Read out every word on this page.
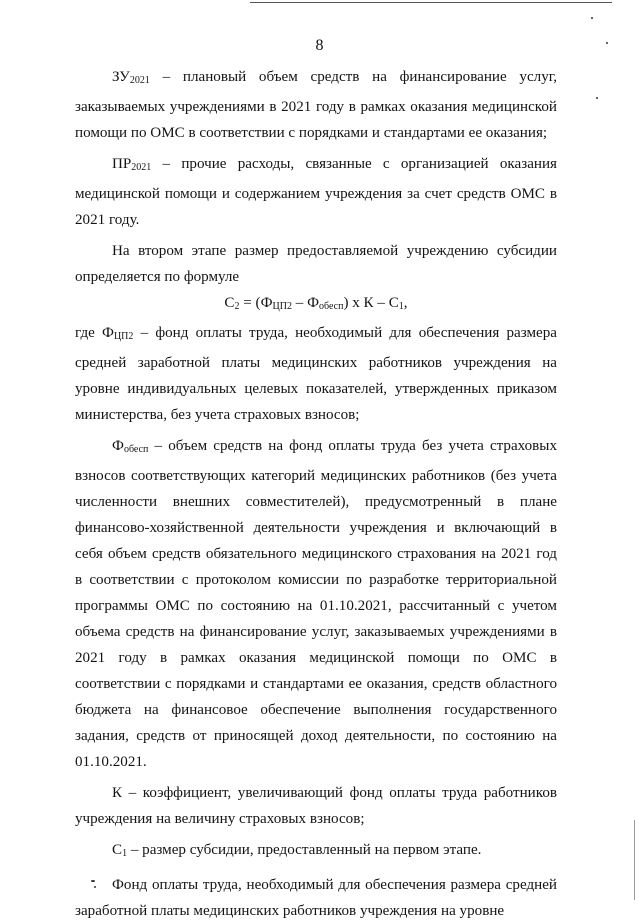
8

$ЗУ_{2021}$ – плановый объем средств на финансирование услуг, заказываемых учреждениями в 2021 году в рамках оказания медицинской помощи по ОМС в соответствии с порядками и стандартами ее оказания;

$ПР_{2021}$ – прочие расходы, связанные с организацией оказания медицинской помощи и содержанием учреждения за счет средств ОМС в 2021 году.

На втором этапе размер предоставляемой учреждению субсидии определяется по формуле

$С_2 = (Ф_{ЦП2} - Ф_{обесп})$ х К – $С_1$,

где $Ф_{ЦП2}$ – фонд оплаты труда, необходимый для обеспечения размера средней заработной платы медицинских работников учреждения на уровне индивидуальных целевых показателей, утвержденных приказом министерства, без учета страховых взносов;

$Ф_{обесп}$ – объем средств на фонд оплаты труда без учета страховых взносов соответствующих категорий медицинских работников (без учета численности внешних совместителей), предусмотренный в плане финансово-хозяйственной деятельности учреждения и включающий в себя объем средств обязательного медицинского страхования на 2021 год в соответствии с протоколом комиссии по разработке территориальной программы ОМС по состоянию на 01.10.2021, рассчитанный с учетом объема средств на финансирование услуг, заказываемых учреждениями в 2021 году в рамках оказания медицинской помощи по ОМС в соответствии с порядками и стандартами ее оказания, средств областного бюджета на финансовое обеспечение выполнения государственного задания, средств от приносящей доход деятельности, по состоянию на 01.10.2021.

К – коэффициент, увеличивающий фонд оплаты труда работников учреждения на величину страховых взносов;

$С_1$ – размер субсидии, предоставленный на первом этапе.

Фонд оплаты труда, необходимый для обеспечения размера средней заработной платы медицинских работников учреждения на уровне
